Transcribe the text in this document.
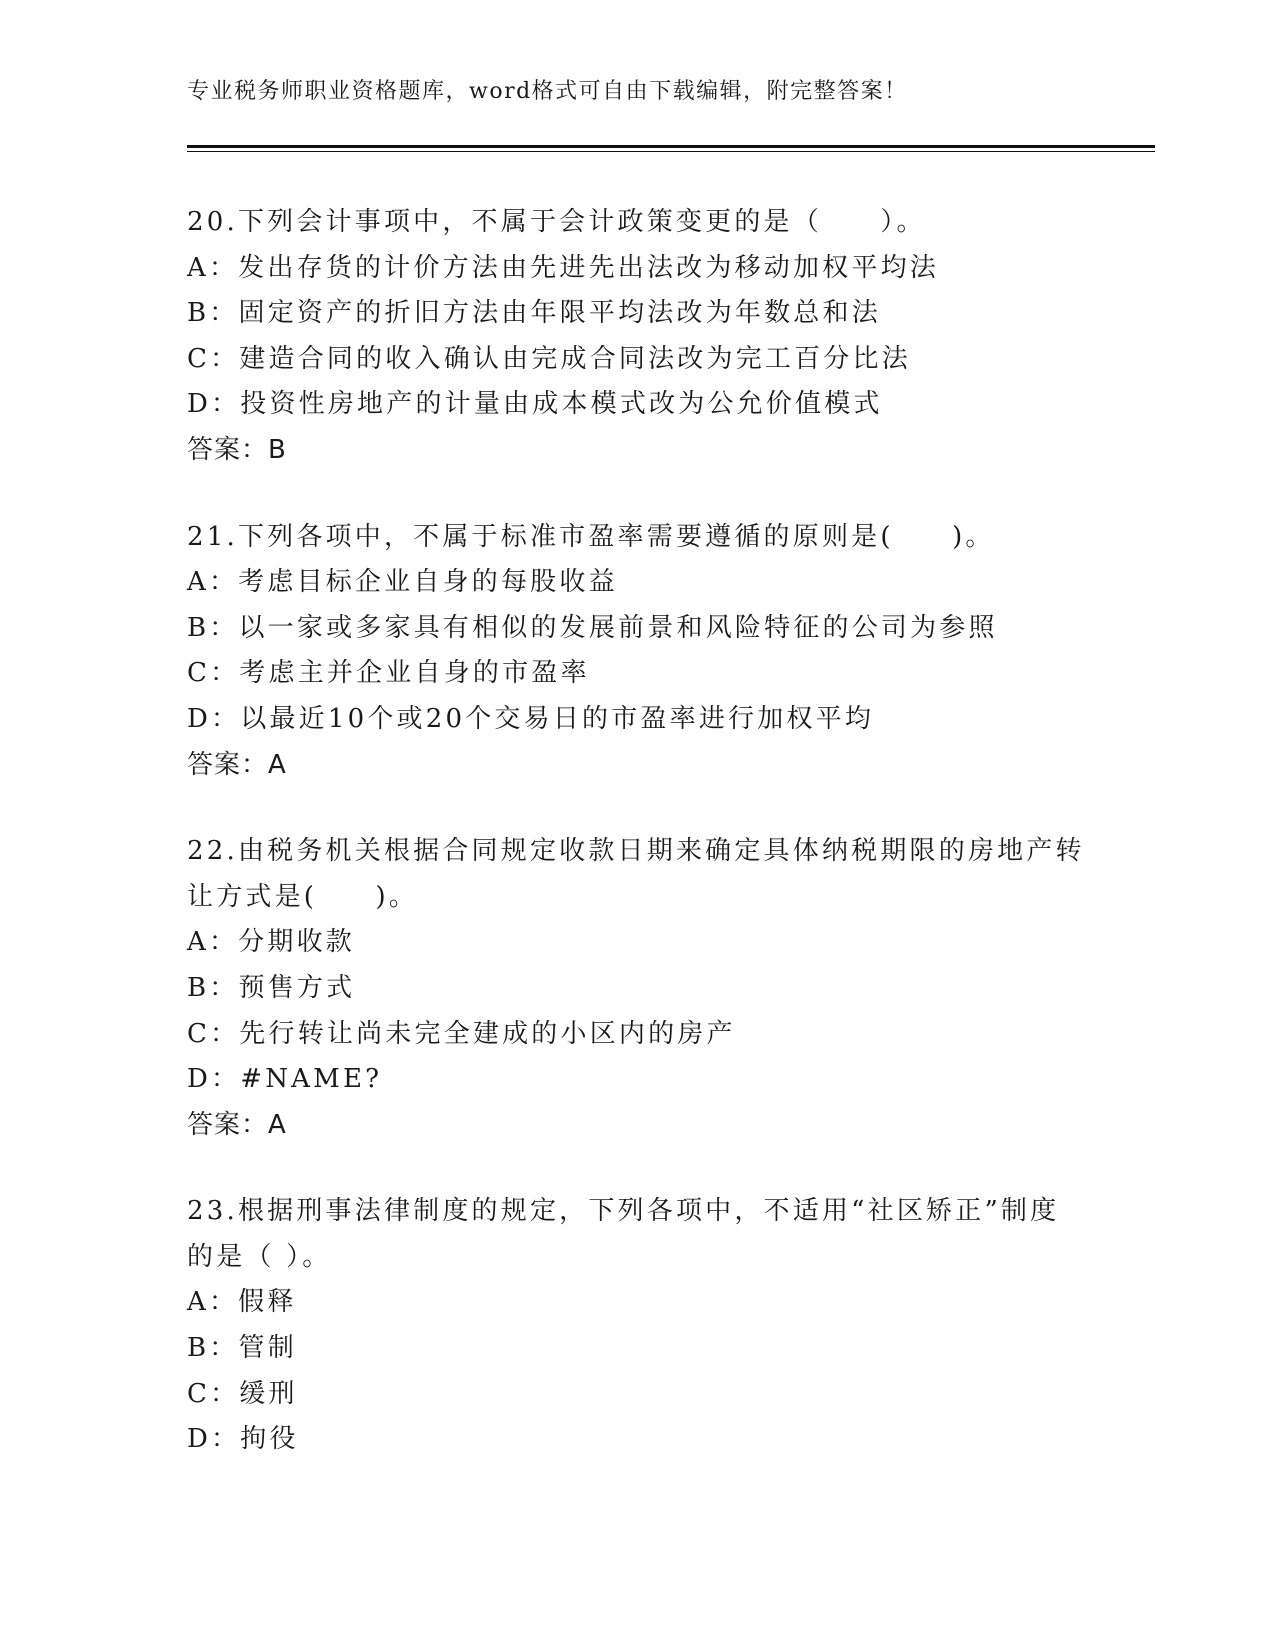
专业税务师职业资格题库，word格式可自由下载编辑，附完整答案！
20.下列会计事项中，不属于会计政策变更的是（　　）。
A：发出存货的计价方法由先进先出法改为移动加权平均法
B：固定资产的折旧方法由年限平均法改为年数总和法
C：建造合同的收入确认由完成合同法改为完工百分比法
D：投资性房地产的计量由成本模式改为公允价值模式
答案：B
21.下列各项中，不属于标准市盈率需要遵循的原则是(　　)。
A：考虑目标企业自身的每股收益
B：以一家或多家具有相似的发展前景和风险特征的公司为参照
C：考虑主并企业自身的市盈率
D：以最近10个或20个交易日的市盈率进行加权平均
答案：A
22.由税务机关根据合同规定收款日期来确定具体纳税期限的房地产转
让方式是(　　)。
A：分期收款
B：预售方式
C：先行转让尚未完全建成的小区内的房产
D：#NAME?
答案：A
23.根据刑事法律制度的规定，下列各项中，不适用“社区矫正”制度
的是（ ）。
A：假释
B：管制
C：缓刑
D：拘役
